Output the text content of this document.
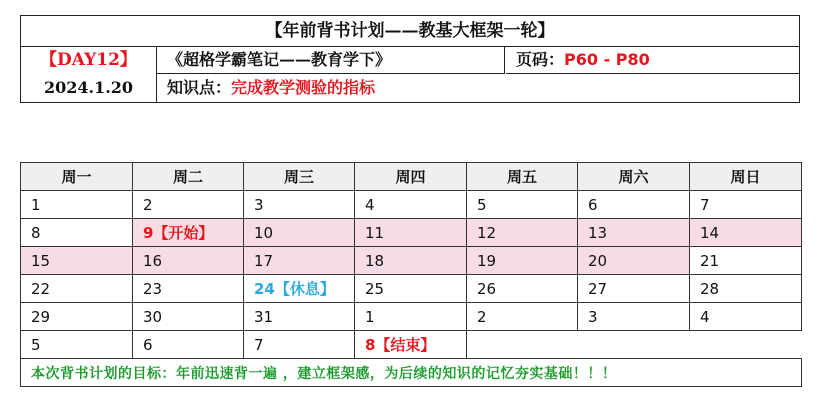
【年前背书计划——教基大框架一轮】
【DAY12】
2024.1.20
《超格学霸笔记——教育学下》	页码：P60 - P80
知识点：完成教学测验的指标
周一	周二	周三	周四	周五	周六	周日
1	2	3	4	5	6	7
8	9【开始】	10	11	12	13	14
15	16	17	18	19	20	21
22	23	24【休息】	25	26	27	28
29	30	31	1	2	3	4
5	6	7	8【结束】			
本次背书计划的目标：年前迅速背一遍 ，建立框架感，为后续的知识的记忆夯实基础！！！						
